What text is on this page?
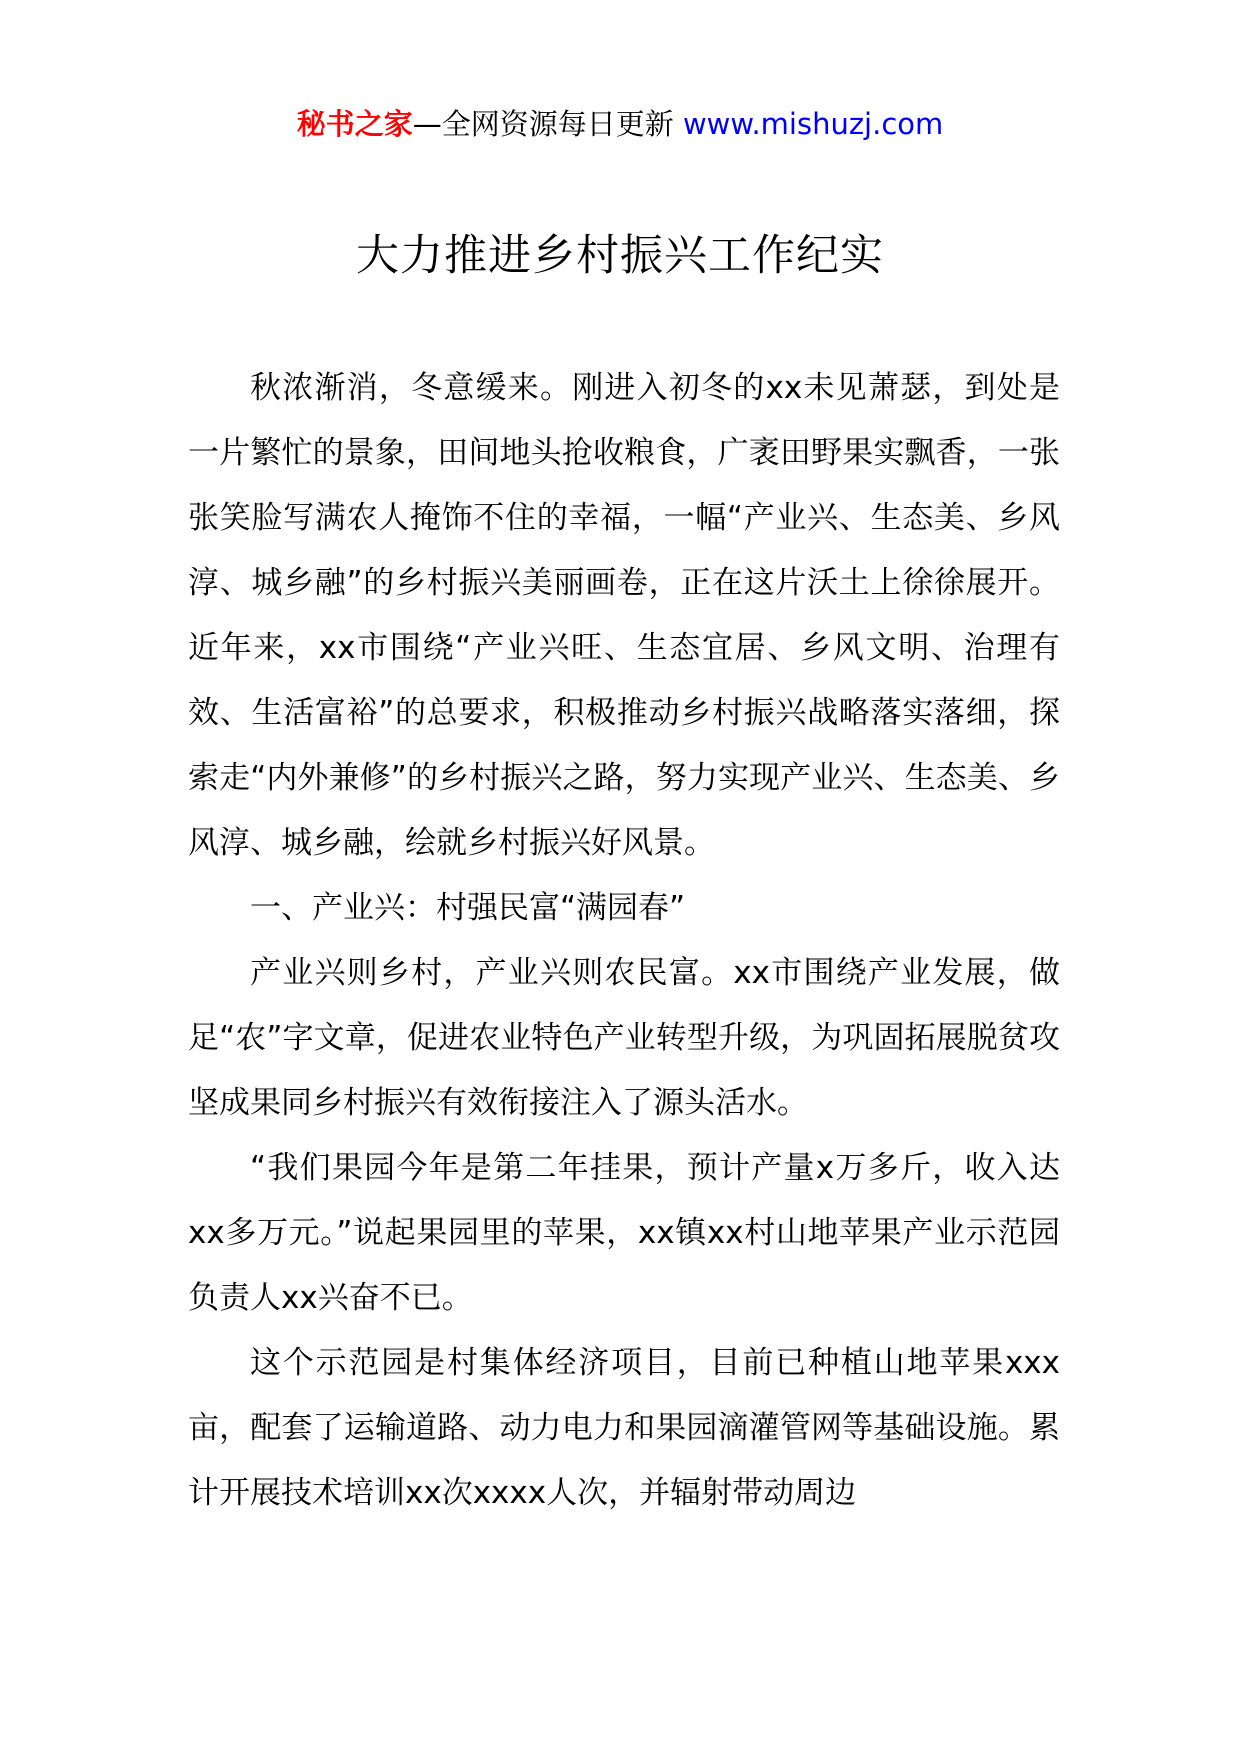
秘书之家—全网资源每日更新 www.mishuzj.com
大力推进乡村振兴工作纪实

秋浓渐消，冬意缓来。刚进入初冬的xx未见萧瑟，到处是一片繁忙的景象，田间地头抢收粮食，广袤田野果实飘香，一张张笑脸写满农人掩饰不住的幸福，一幅“产业兴、生态美、乡风淳、城乡融”的乡村振兴美丽画卷，正在这片沃土上徐徐展开。近年来，xx市围绕“产业兴旺、生态宜居、乡风文明、治理有效、生活富裕”的总要求，积极推动乡村振兴战略落实落细，探索走“内外兼修”的乡村振兴之路，努力实现产业兴、生态美、乡风淳、城乡融，绘就乡村振兴好风景。

一、产业兴：村强民富“满园春”

产业兴则乡村，产业兴则农民富。xx市围绕产业发展，做足“农”字文章，促进农业特色产业转型升级，为巩固拓展脱贫攻坚成果同乡村振兴有效衔接注入了源头活水。

“我们果园今年是第二年挂果，预计产量x万多斤，收入达xx多万元。”说起果园里的苹果，xx镇xx村山地苹果产业示范园负责人xx兴奋不已。

这个示范园是村集体经济项目，目前已种植山地苹果xxx亩，配套了运输道路、动力电力和果园滴灌管网等基础设施。累计开展技术培训xx次xxxx人次，并辐射带动周边
